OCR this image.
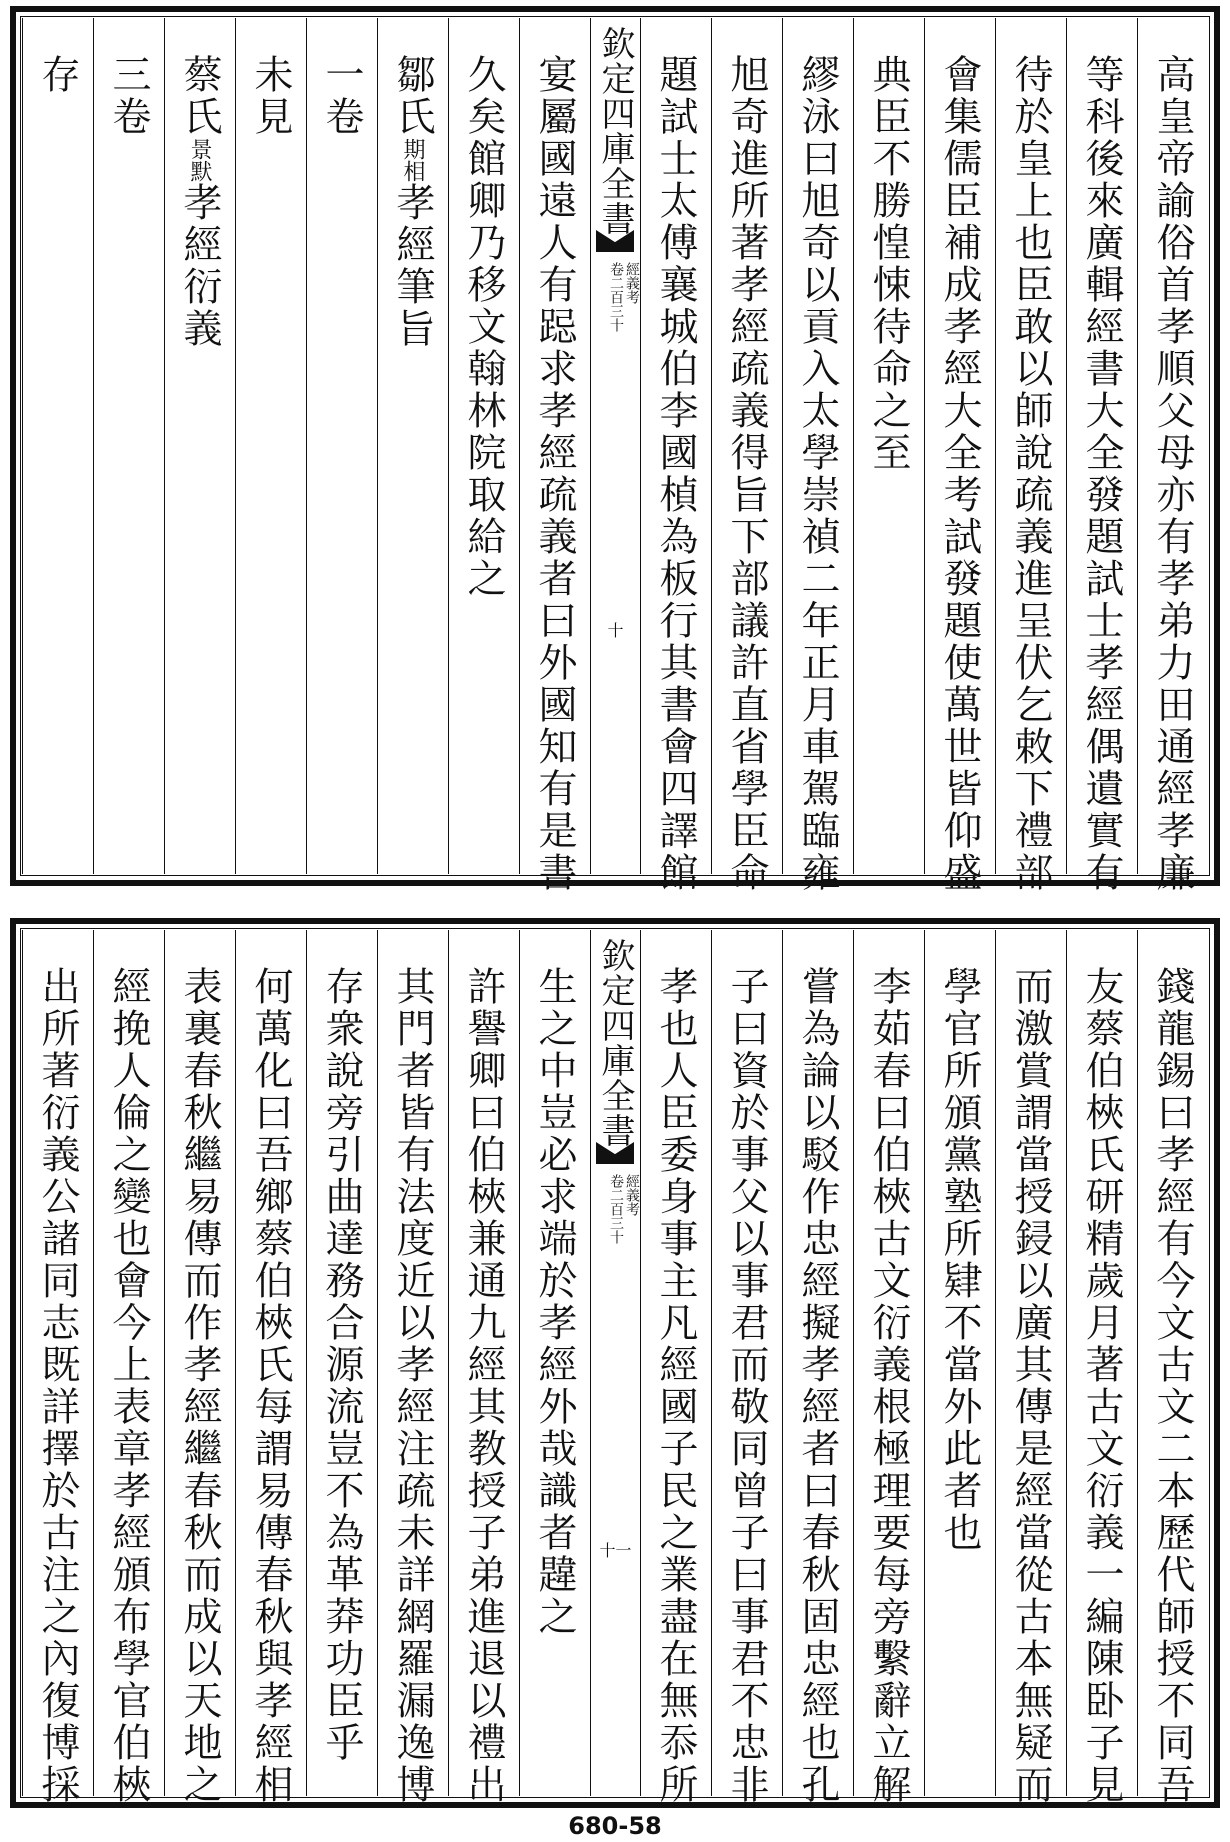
高皇帝諭俗首孝順父母亦有孝弟力田通經孝廉
等科後來廣輯經書大全發題試士孝經偶遺實有
待於皇上也臣敢以師說疏義進呈伏乞敕下禮部
會集儒臣補成孝經大全考試發題使萬世皆仰盛
典臣不勝惶悚待命之至
繆泳曰旭奇以貢入太學崇禎二年正月車駕臨雍
旭奇進所著孝經疏義得旨下部議許直省學臣命
題試士太傅襄城伯李國楨為板行其書會四譯館
欽定四庫全書
經義考
卷二百三十
十
宴屬國遠人有跽求孝經疏義者曰外國知有是書
久矣館卿乃移文翰林院取給之
鄒氏期相孝經筆旨
一卷
未見
蔡氏景默孝經衍義
三卷
存
錢龍錫曰孝經有今文古文二本歷代師授不同吾
友蔡伯梜氏研精歲月著古文衍義一編陳卧子見
而激賞謂當授鋟以廣其傳是經當從古本無疑而
學官所頒黨塾所肄不當外此者也
李茹春曰伯梜古文衍義根極理要每旁繫辭立解
嘗為論以駁作忠經擬孝經者曰春秋固忠經也孔
子曰資於事父以事君而敬同曾子曰事君不忠非
孝也人臣委身事主凡經國子民之業盡在無忝所
欽定四庫全書
經義考
卷二百三十
十一
生之中豈必求端於孝經外哉識者韙之
許譽卿曰伯梜兼通九經其教授子弟進退以禮出
其門者皆有法度近以孝經注疏未詳網羅漏逸博
存衆說旁引曲達務合源流豈不為革莽功臣乎
何萬化曰吾鄉蔡伯梜氏每謂易傳春秋與孝經相
表裏春秋繼易傳而作孝經繼春秋而成以天地之
經挽人倫之變也會今上表章孝經頒布學官伯梜
出所著衍義公諸同志既詳擇於古注之內復博採
680-58
